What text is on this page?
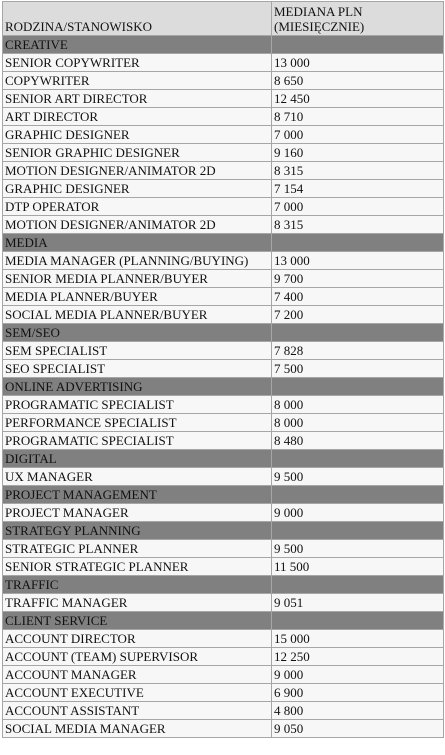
RODZINA/STANOWISKO	MEDIANA PLN (MIESIĘCZNIE)
CREATIVE	
SENIOR COPYWRITER	13 000
COPYWRITER	8 650
SENIOR ART DIRECTOR	12 450
ART DIRECTOR	8 710
GRAPHIC DESIGNER	7 000
SENIOR GRAPHIC DESIGNER	9 160
MOTION DESIGNER/ANIMATOR 2D	8 315
GRAPHIC DESIGNER	7 154
DTP OPERATOR	7 000
MOTION DESIGNER/ANIMATOR 2D	8 315
MEDIA	
MEDIA MANAGER (PLANNING/BUYING)	13 000
SENIOR MEDIA PLANNER/BUYER	9 700
MEDIA PLANNER/BUYER	7 400
SOCIAL MEDIA PLANNER/BUYER	7 200
SEM/SEO	
SEM SPECIALIST	7 828
SEO SPECIALIST	7 500
ONLINE ADVERTISING	
PROGRAMATIC SPECIALIST	8 000
PERFORMANCE SPECIALIST	8 000
PROGRAMATIC SPECIALIST	8 480
DIGITAL	
UX MANAGER	9 500
PROJECT MANAGEMENT	
PROJECT MANAGER	9 000
STRATEGY PLANNING	
STRATEGIC PLANNER	9 500
SENIOR STRATEGIC PLANNER	11 500
TRAFFIC	
TRAFFIC MANAGER	9 051
CLIENT SERVICE	
ACCOUNT DIRECTOR	15 000
ACCOUNT (TEAM) SUPERVISOR	12 250
ACCOUNT MANAGER	9 000
ACCOUNT EXECUTIVE	6 900
ACCOUNT ASSISTANT	4 800
SOCIAL MEDIA MANAGER	9 050
